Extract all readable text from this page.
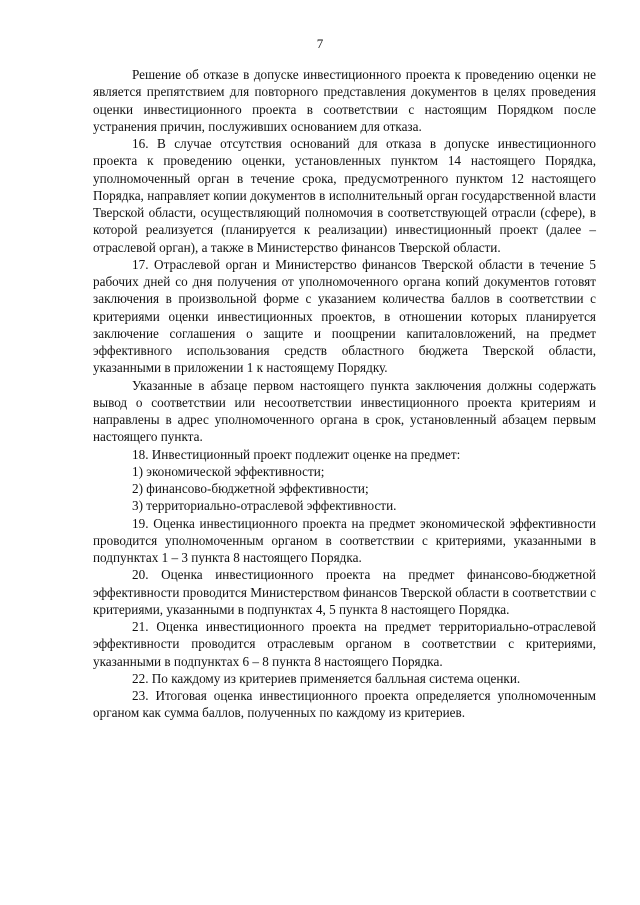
7

Решение об отказе в допуске инвестиционного проекта к проведению оценки не является препятствием для повторного представления документов в целях проведения оценки инвестиционного проекта в соответствии с настоящим Порядком после устранения причин, послуживших основанием для отказа.

16. В случае отсутствия оснований для отказа в допуске инвестиционного проекта к проведению оценки, установленных пунктом 14 настоящего Порядка, уполномоченный орган в течение срока, предусмотренного пунктом 12 настоящего Порядка, направляет копии документов в исполнительный орган государственной власти Тверской области, осуществляющий полномочия в соответствующей отрасли (сфере), в которой реализуется (планируется к реализации) инвестиционный проект (далее – отраслевой орган), а также в Министерство финансов Тверской области.

17. Отраслевой орган и Министерство финансов Тверской области в течение 5 рабочих дней со дня получения от уполномоченного органа копий документов готовят заключения в произвольной форме с указанием количества баллов в соответствии с критериями оценки инвестиционных проектов, в отношении которых планируется заключение соглашения о защите и поощрении капиталовложений, на предмет эффективного использования средств областного бюджета Тверской области, указанными в приложении 1 к настоящему Порядку.

Указанные в абзаце первом настоящего пункта заключения должны содержать вывод о соответствии или несоответствии инвестиционного проекта критериям и направлены в адрес уполномоченного органа в срок, установленный абзацем первым настоящего пункта.

18. Инвестиционный проект подлежит оценке на предмет:

1) экономической эффективности;

2) финансово-бюджетной эффективности;

3) территориально-отраслевой эффективности.

19. Оценка инвестиционного проекта на предмет экономической эффективности проводится уполномоченным органом в соответствии с критериями, указанными в подпунктах 1 – 3 пункта 8 настоящего Порядка.

20. Оценка инвестиционного проекта на предмет финансово-бюджетной эффективности проводится Министерством финансов Тверской области в соответствии с критериями, указанными в подпунктах 4, 5 пункта 8 настоящего Порядка.

21. Оценка инвестиционного проекта на предмет территориально-отраслевой эффективности проводится отраслевым органом в соответствии с критериями, указанными в подпунктах 6 – 8 пункта 8 настоящего Порядка.

22. По каждому из критериев применяется балльная система оценки.

23. Итоговая оценка инвестиционного проекта определяется уполномоченным органом как сумма баллов, полученных по каждому из критериев.
